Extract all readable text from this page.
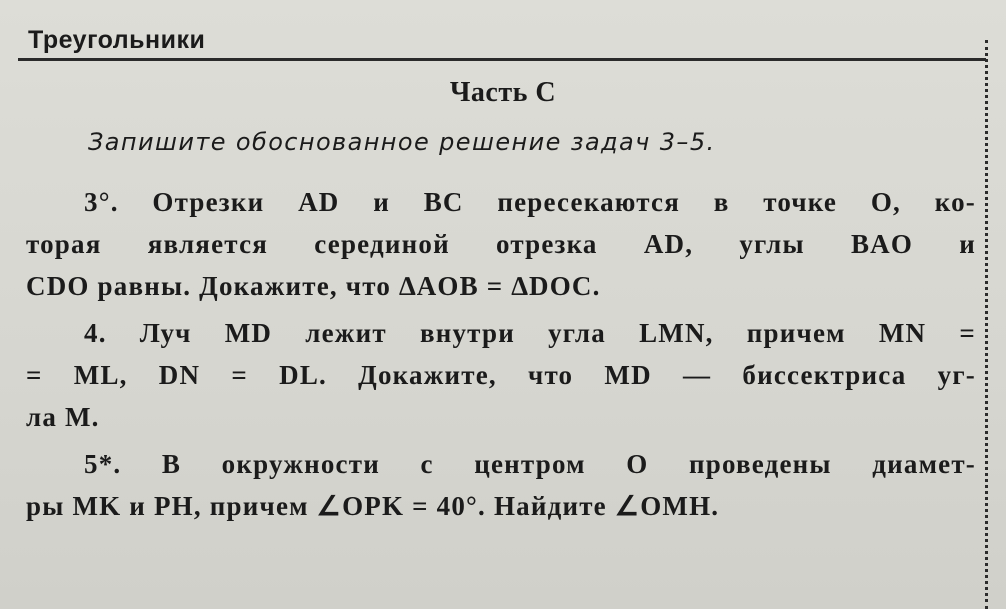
Треугольники
Часть С
Запишите обоснованное решение задач 3–5.
3°. Отрезки AD и BC пересекаются в точке O, ко-
торая является серединой отрезка AD, углы BAO и
CDO равны. Докажите, что ∆AOB = ∆DOC.
4. Луч MD лежит внутри угла LMN, причем MN =
= ML, DN = DL. Докажите, что MD — биссектриса уг-
ла M.
5*. В окружности с центром O проведены диамет-
ры MK и PH, причем ∠OPK = 40°. Найдите ∠OMH.
